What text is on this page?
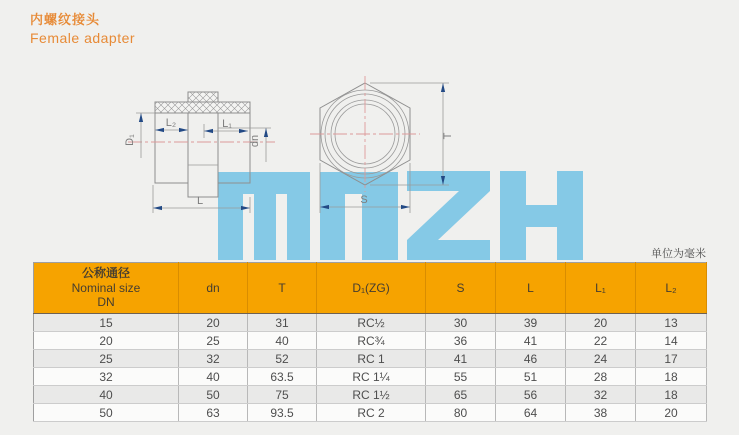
内螺纹接头
Female adapter
D₁
L₂	L₁
dn
L
T
S
单位为毫米
公称通径
Nominal size
DN	dn	T	D₁(ZG)	S	L	L₁	L₂
15	20	31	RC½	30	39	20	13
20	25	40	RC¾	36	41	22	14
25	32	52	RC 1	41	46	24	17
32	40	63.5	RC 1¼	55	51	28	18
40	50	75	RC 1½	65	56	32	18
50	63	93.5	RC 2	80	64	38	20
